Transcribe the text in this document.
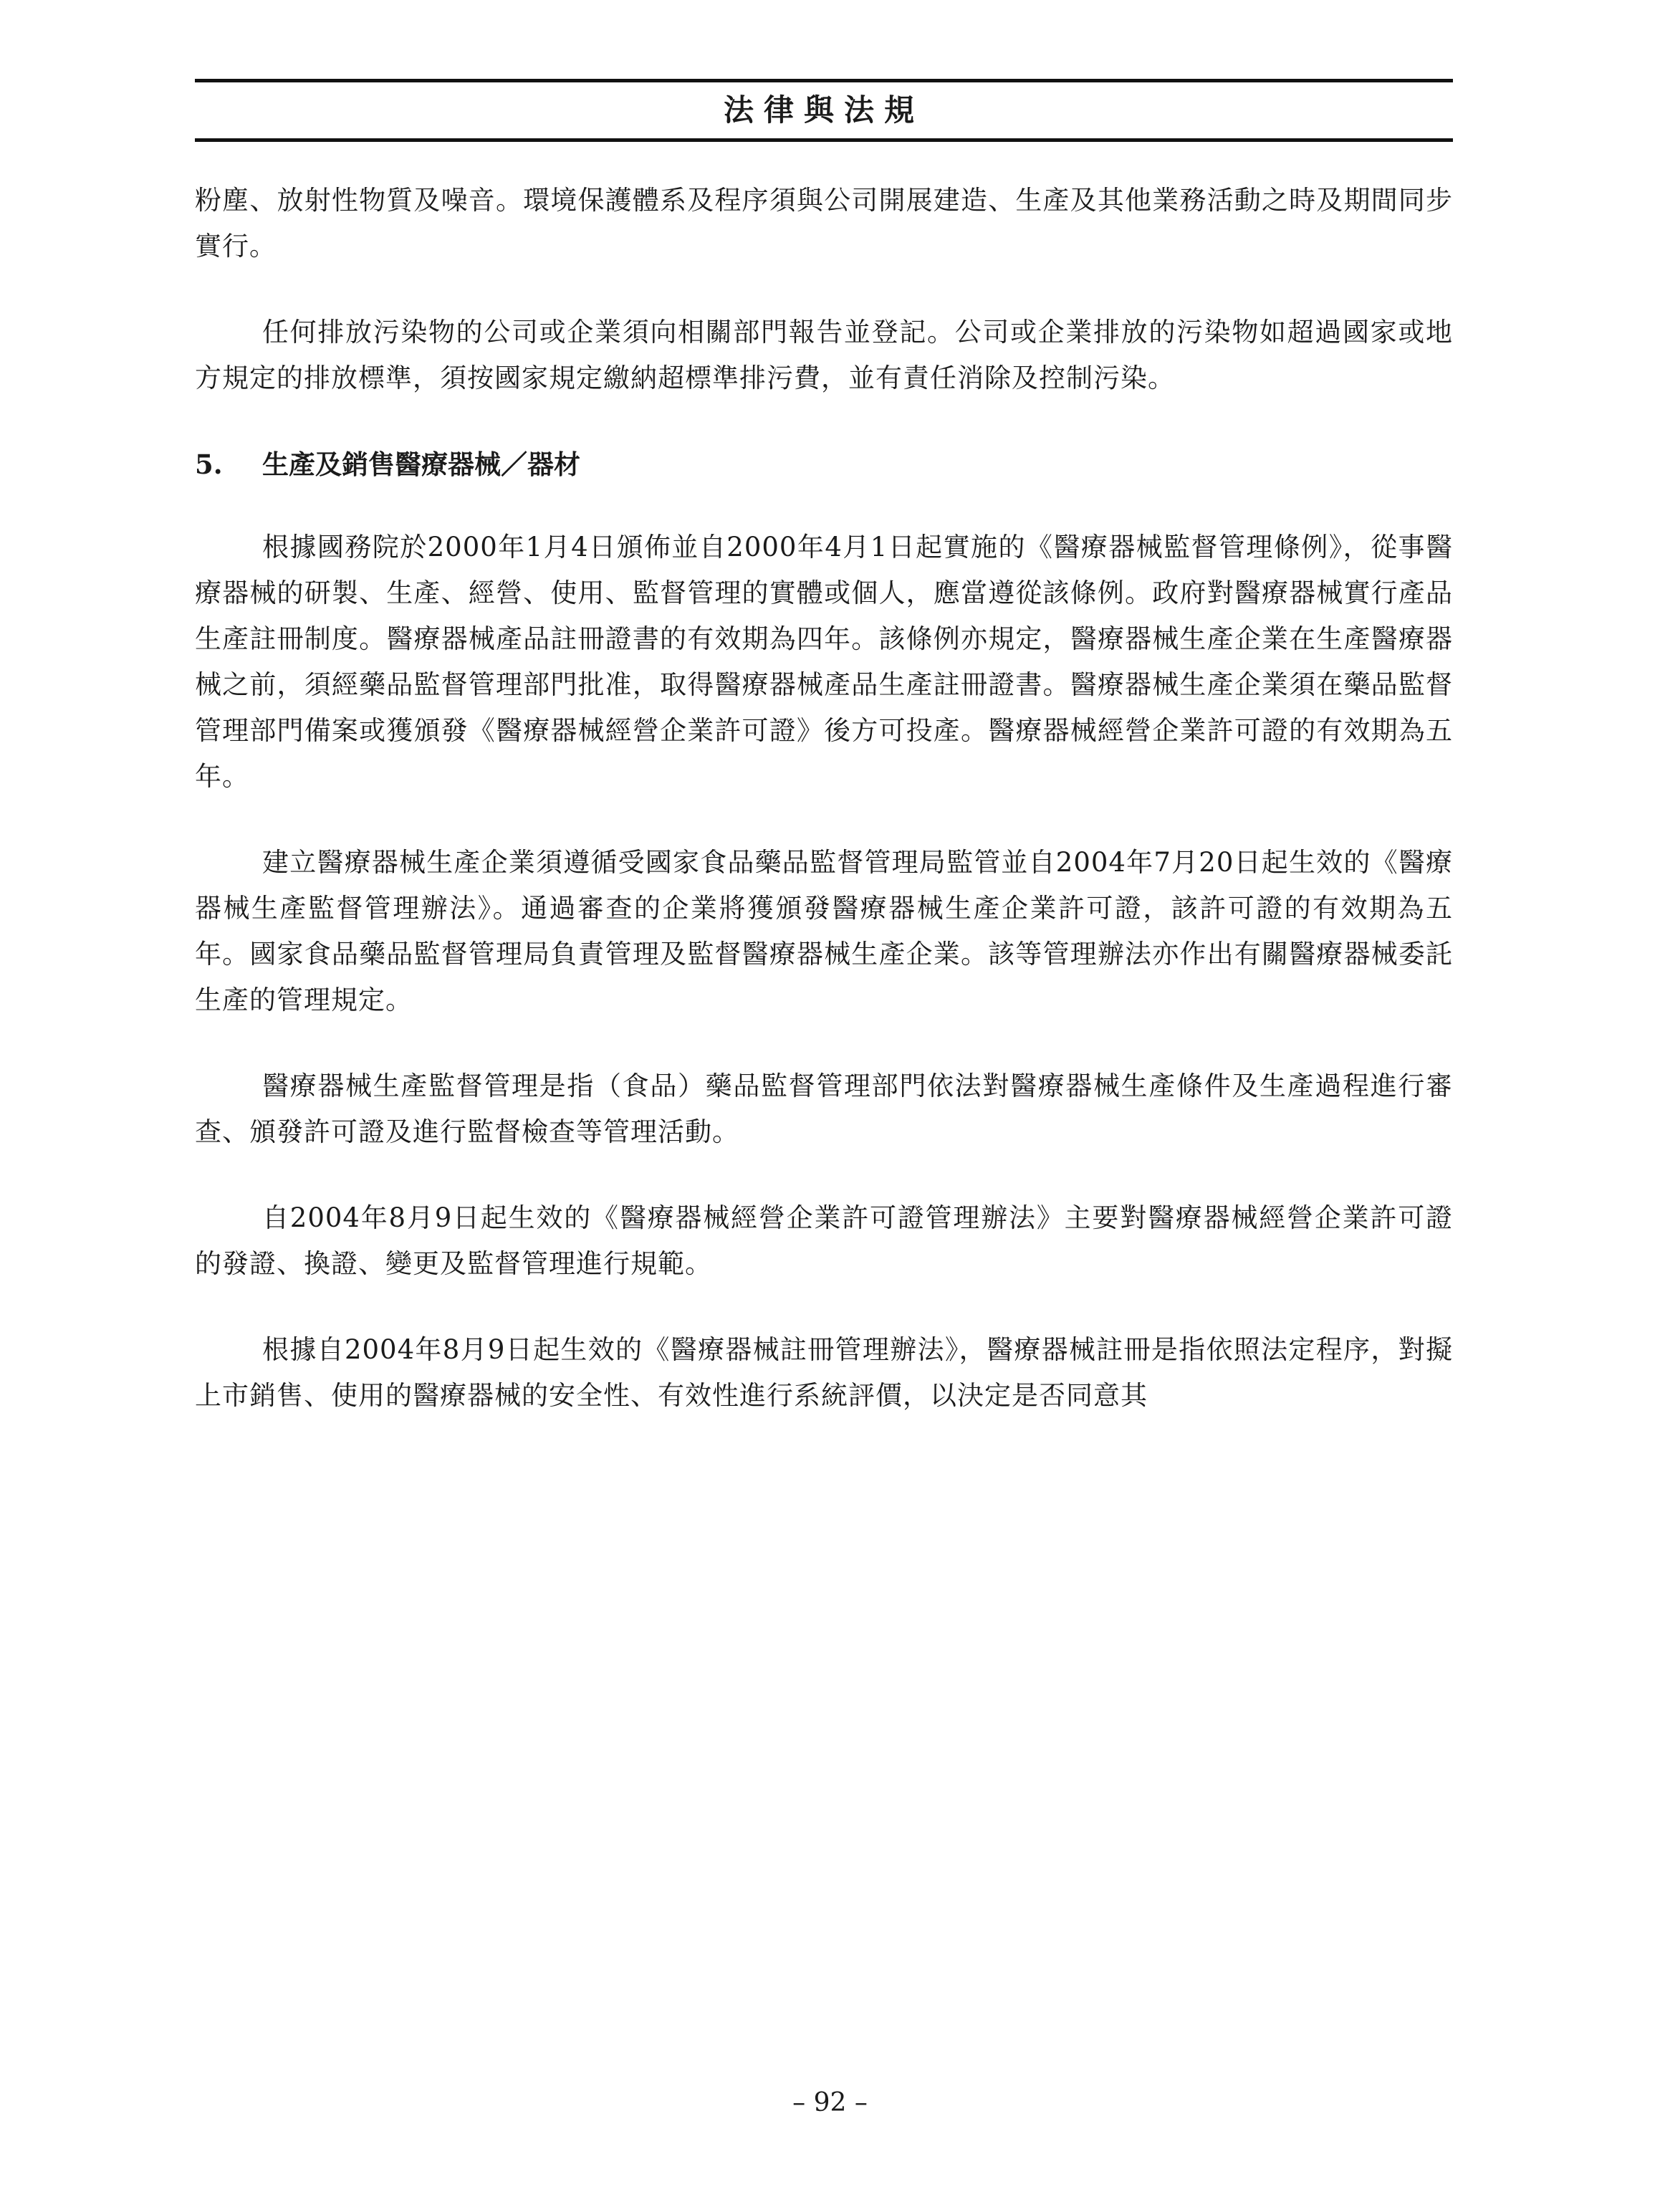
法律與法規

粉塵、放射性物質及噪音。環境保護體系及程序須與公司開展建造、生產及其他業務活動之時及期間同步實行。

任何排放污染物的公司或企業須向相關部門報告並登記。公司或企業排放的污染物如超過國家或地方規定的排放標準，須按國家規定繳納超標準排污費，並有責任消除及控制污染。

5.	生產及銷售醫療器械／器材

根據國務院於2000年1月4日頒佈並自2000年4月1日起實施的《醫療器械監督管理條例》，從事醫療器械的研製、生產、經營、使用、監督管理的實體或個人，應當遵從該條例。政府對醫療器械實行產品生產註冊制度。醫療器械產品註冊證書的有效期為四年。該條例亦規定，醫療器械生產企業在生產醫療器械之前，須經藥品監督管理部門批准，取得醫療器械產品生產註冊證書。醫療器械生產企業須在藥品監督管理部門備案或獲頒發《醫療器械經營企業許可證》後方可投產。醫療器械經營企業許可證的有效期為五年。

建立醫療器械生產企業須遵循受國家食品藥品監督管理局監管並自2004年7月20日起生效的《醫療器械生產監督管理辦法》。通過審查的企業將獲頒發醫療器械生產企業許可證，該許可證的有效期為五年。國家食品藥品監督管理局負責管理及監督醫療器械生產企業。該等管理辦法亦作出有關醫療器械委託生產的管理規定。

醫療器械生產監督管理是指（食品）藥品監督管理部門依法對醫療器械生產條件及生產過程進行審查、頒發許可證及進行監督檢查等管理活動。

自2004年8月9日起生效的《醫療器械經營企業許可證管理辦法》主要對醫療器械經營企業許可證的發證、換證、變更及監督管理進行規範。

根據自2004年8月9日起生效的《醫療器械註冊管理辦法》，醫療器械註冊是指依照法定程序，對擬上市銷售、使用的醫療器械的安全性、有效性進行系統評價，以決定是否同意其

– 92 –
